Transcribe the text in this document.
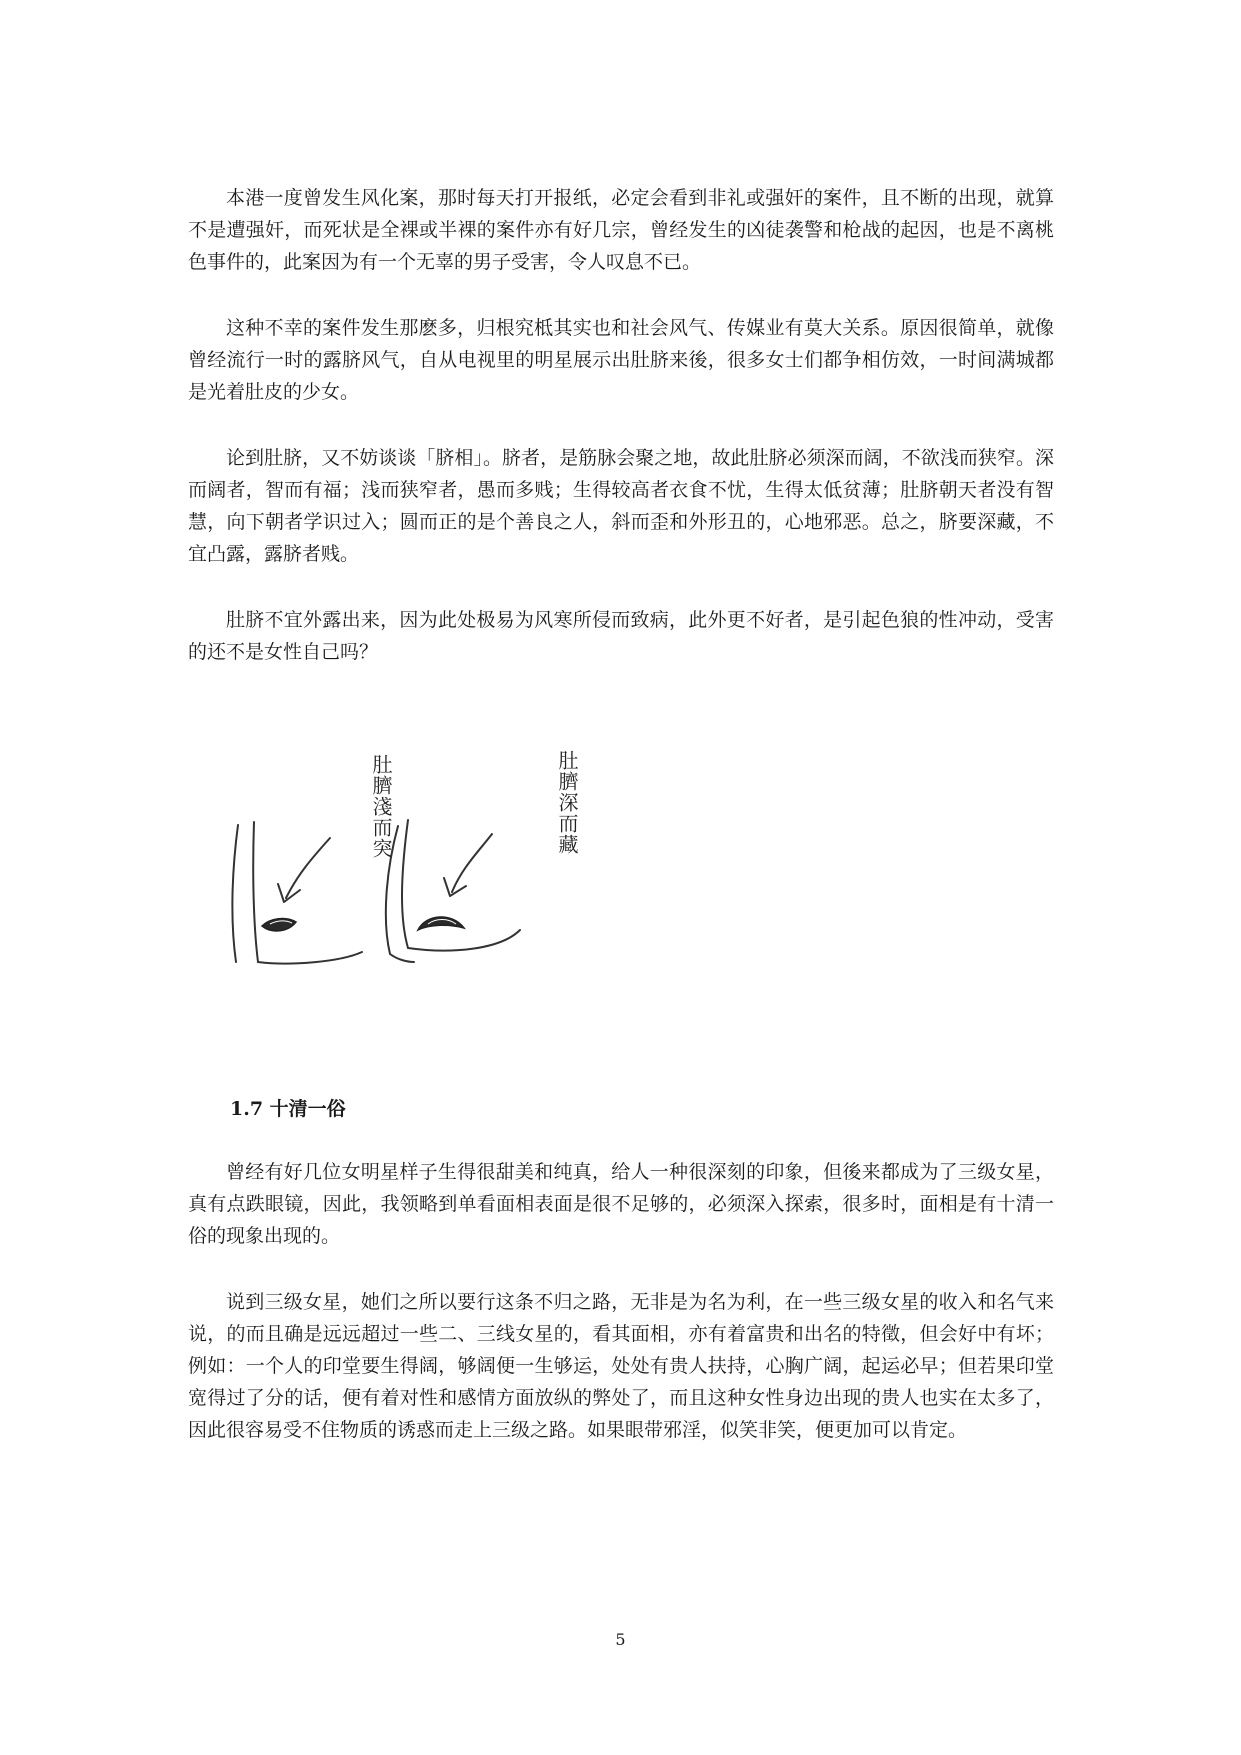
本港一度曾发生风化案，那时每天打开报纸，必定会看到非礼或强奸的案件，且不断的出现，就算不是遭强奸，而死状是全裸或半裸的案件亦有好几宗，曾经发生的凶徒袭警和枪战的起因，也是不离桃色事件的，此案因为有一个无辜的男子受害，令人叹息不已。

这种不幸的案件发生那麽多，归根究柢其实也和社会风气、传媒业有莫大关系。原因很简单，就像曾经流行一时的露脐风气，自从电视里的明星展示出肚脐来後，很多女士们都争相仿效，一时间满城都是光着肚皮的少女。

论到肚脐，又不妨谈谈「脐相」。脐者，是筋脉会聚之地，故此肚脐必须深而阔，不欲浅而狭窄。深而阔者，智而有福；浅而狭窄者，愚而多贱；生得较高者衣食不忧，生得太低贫薄；肚脐朝天者没有智慧，向下朝者学识过入；圆而正的是个善良之人，斜而歪和外形丑的，心地邪恶。总之，脐要深藏，不宜凸露，露脐者贱。

肚脐不宜外露出来，因为此处极易为风寒所侵而致病，此外更不好者，是引起色狼的性冲动，受害的还不是女性自己吗？

肚臍淺而突	肚臍深而藏
1.7 十清一俗

曾经有好几位女明星样子生得很甜美和纯真，给人一种很深刻的印象，但後来都成为了三级女星，真有点跌眼镜，因此，我领略到单看面相表面是很不足够的，必须深入探索，很多时，面相是有十清一俗的现象出现的。

说到三级女星，她们之所以要行这条不归之路，无非是为名为利，在一些三级女星的收入和名气来说，的而且确是远远超过一些二、三线女星的，看其面相，亦有着富贵和出名的特徵，但会好中有坏；例如：一个人的印堂要生得阔，够阔便一生够运，处处有贵人扶持，心胸广阔，起运必早；但若果印堂宽得过了分的话，便有着对性和感情方面放纵的弊处了，而且这种女性身边出现的贵人也实在太多了，因此很容易受不住物质的诱惑而走上三级之路。如果眼带邪淫，似笑非笑，便更加可以肯定。

5
